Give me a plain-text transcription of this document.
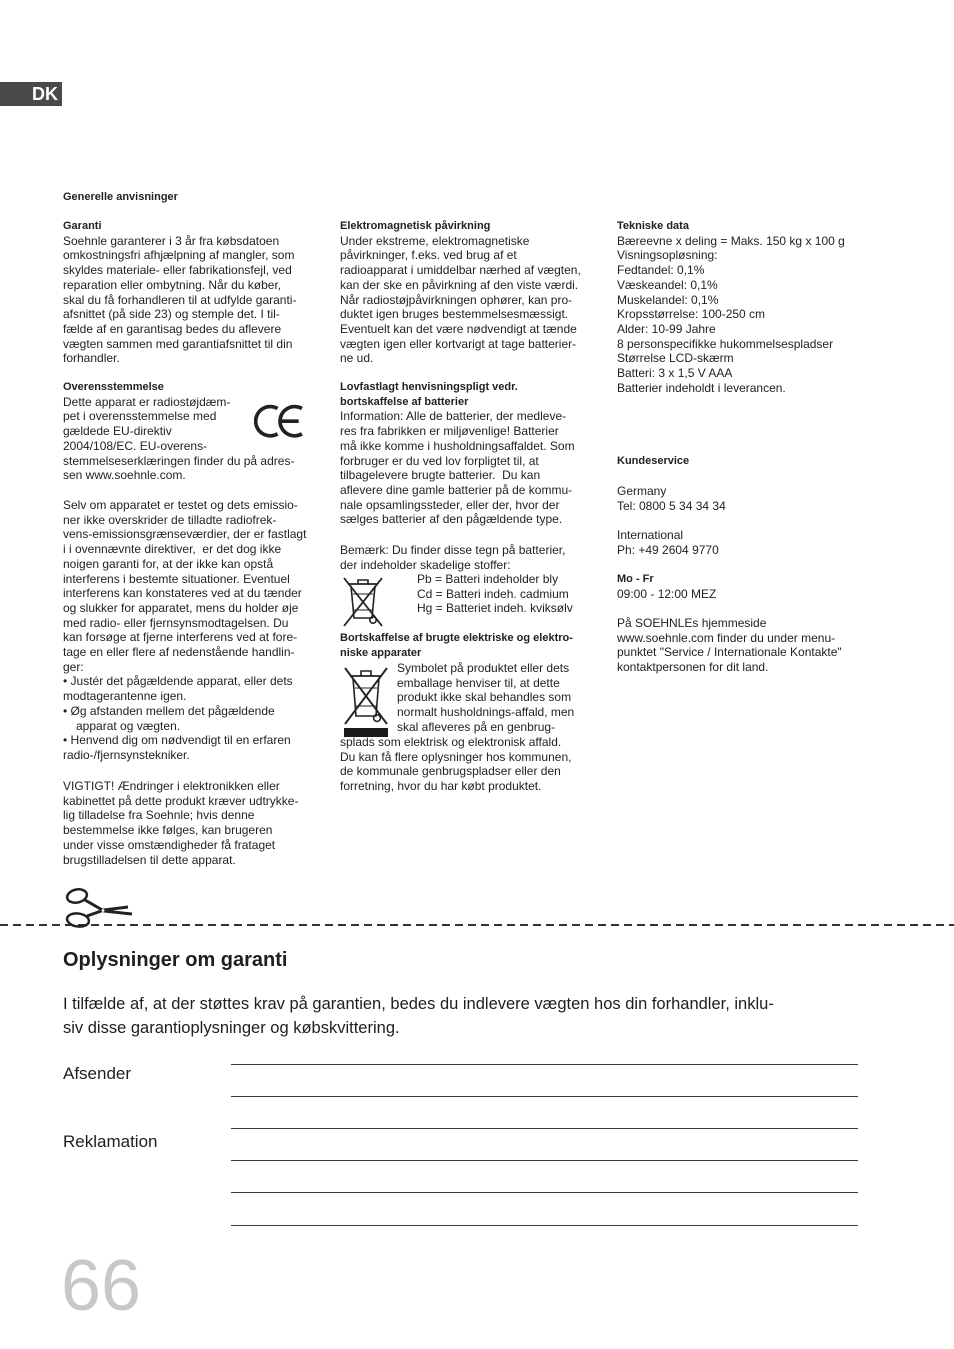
DK
Generelle anvisninger
Garanti
Soehnle garanterer i 3 år fra købsdatoen
omkostningsfri afhjælpning af mangler, som
skyldes materiale- eller fabrikationsfejl, ved
reparation eller ombytning. Når du køber,
skal du få forhandleren til at udfylde garanti-
afsnittet (på side 23) og stemple det. I til-
fælde af en garantisag bedes du aflevere
vægten sammen med garantiafsnittet til din
forhandler.
Overensstemmelse
Dette apparat er radiostøjdæm-
pet i overensstemmelse med
gældede EU-direktiv
2004/108/EC. EU-overens-
stemmelseserklæringen finder du på adres-
sen www.soehnle.com.
Selv om apparatet er testet og dets emissio-
ner ikke overskrider de tilladte radiofrek-
vens-emissionsgrænseværdier, der er fastlagt
i i ovennævnte direktiver,  er det dog ikke
noigen garanti for, at der ikke kan opstå
interferens i bestemte situationer. Eventuel
interferens kan konstateres ved at du tænder
og slukker for apparatet, mens du holder øje
med radio- eller fjernsynsmodtagelsen. Du
kan forsøge at fjerne interferens ved at fore-
tage en eller flere af nedenstående handlin-
ger:
• Justér det pågældende apparat, eller dets
modtagerantenne igen.
• Øg afstanden mellem det pågældende
apparat og vægten.
• Henvend dig om nødvendigt til en erfaren
radio-/fjernsynstekniker.
VIGTIGT! Ændringer i elektronikken eller
kabinettet på dette produkt kræver udtrykke-
lig tilladelse fra Soehnle; hvis denne
bestemmelse ikke følges, kan brugeren
under visse omstændigheder få frataget
brugstilladelsen til dette apparat.
Elektromagnetisk påvirkning
Under ekstreme, elektromagnetiske
påvirkninger, f.eks. ved brug af et
radioapparat i umiddelbar nærhed af vægten,
kan der ske en påvirkning af den viste værdi.
Når radiostøjpåvirkningen ophører, kan pro-
duktet igen bruges bestemmelsesmæssigt.
Eventuelt kan det være nødvendigt at tænde
vægten igen eller kortvarigt at tage batterier-
ne ud.
Lovfastlagt henvisningspligt vedr.
bortskaffelse af batterier
Information: Alle de batterier, der medleve-
res fra fabrikken er miljøvenlige! Batterier
må ikke komme i husholdningsaffaldet. Som
forbruger er du ved lov forpligtet til, at
tilbagelevere brugte batterier.  Du kan
aflevere dine gamle batterier på de kommu-
nale opsamlingssteder, eller der, hvor der
sælges batterier af den pågældende type.
Bemærk: Du finder disse tegn på batterier,
der indeholder skadelige stoffer:
Pb = Batteri indeholder bly
Cd = Batteri indeh. cadmium
Hg = Batteriet indeh. kviksølv
Bortskaffelse af brugte elektriske og elektro-
niske apparater
Symbolet på produktet eller dets
emballage henviser til, at dette
produkt ikke skal behandles som
normalt husholdnings-affald, men
skal afleveres på en genbrug-
splads som elektrisk og elektronisk affald.
Du kan få flere oplysninger hos kommunen,
de kommunale genbrugspladser eller den
forretning, hvor du har købt produktet.
Tekniske data
Bæreevne x deling = Maks. 150 kg x 100 g
Visningsopløsning:
Fedtandel: 0,1%
Væskeandel: 0,1%
Muskelandel: 0,1%
Kropsstørrelse: 100-250 cm
Alder: 10-99 Jahre
8 personspecifikke hukommelsespladser
Størrelse LCD-skærm
Batteri: 3 x 1,5 V AAA
Batterier indeholdt i leverancen.
Kundeservice
Germany
Tel: 0800 5 34 34 34
International
Ph: +49 2604 9770
Mo - Fr
09:00 - 12:00 MEZ
På SOEHNLEs hjemmeside
www.soehnle.com finder du under menu-
punktet "Service / Internationale Kontakte"
kontaktpersonen for dit land.
Oplysninger om garanti
I tilfælde af, at der støttes krav på garantien, bedes du indlevere vægten hos din forhandler, inklu-
siv disse garantioplysninger og købskvittering.
Afsender
Reklamation
66
